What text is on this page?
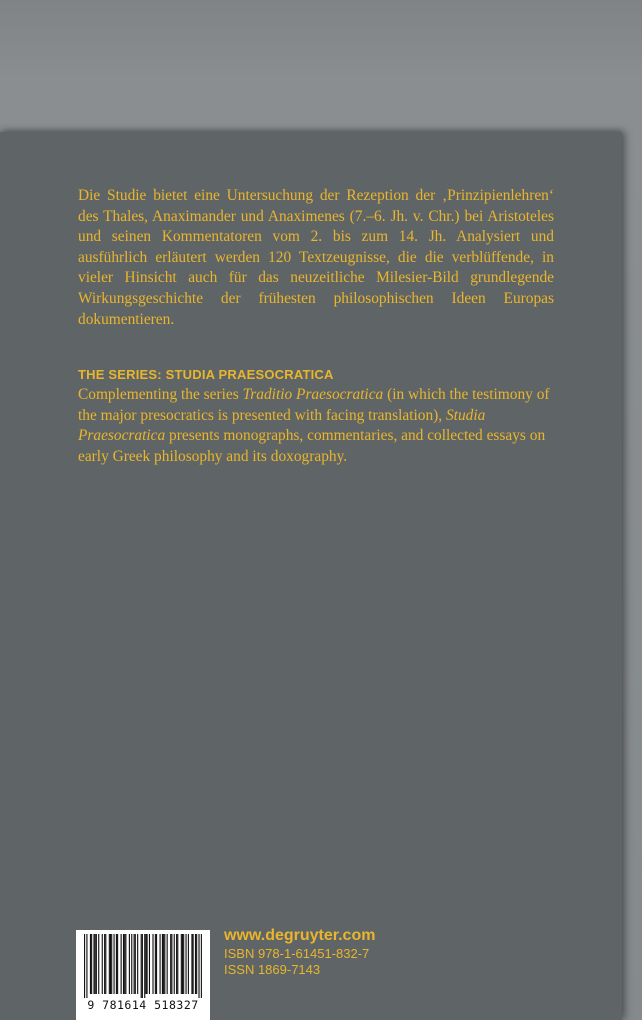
Die Studie bietet eine Untersuchung der Rezeption der ‚Prinzipienlehren‘ des Thales, Anaximander und Anaximenes (7.–6. Jh. v. Chr.) bei Aristoteles und seinen Kommentatoren vom 2. bis zum 14. Jh. Analysiert und ausführlich erläutert werden 120 Textzeugnisse, die die verblüffende, in vieler Hinsicht auch für das neuzeitliche Milesier-Bild grundlegende Wirkungsgeschichte der frühesten philosophischen Ideen Europas dokumentieren.

THE SERIES: STUDIA PRAESOCRATICA

Complementing the series Traditio Praesocratica (in which the testimony of the major presocratics is presented with facing translation), Studia Praesocratica presents monographs, commentaries, and collected essays on early Greek philosophy and its doxography.

9 781614 518327
www.degruyter.com
ISBN 978-1-61451-832-7
ISSN 1869-7143
